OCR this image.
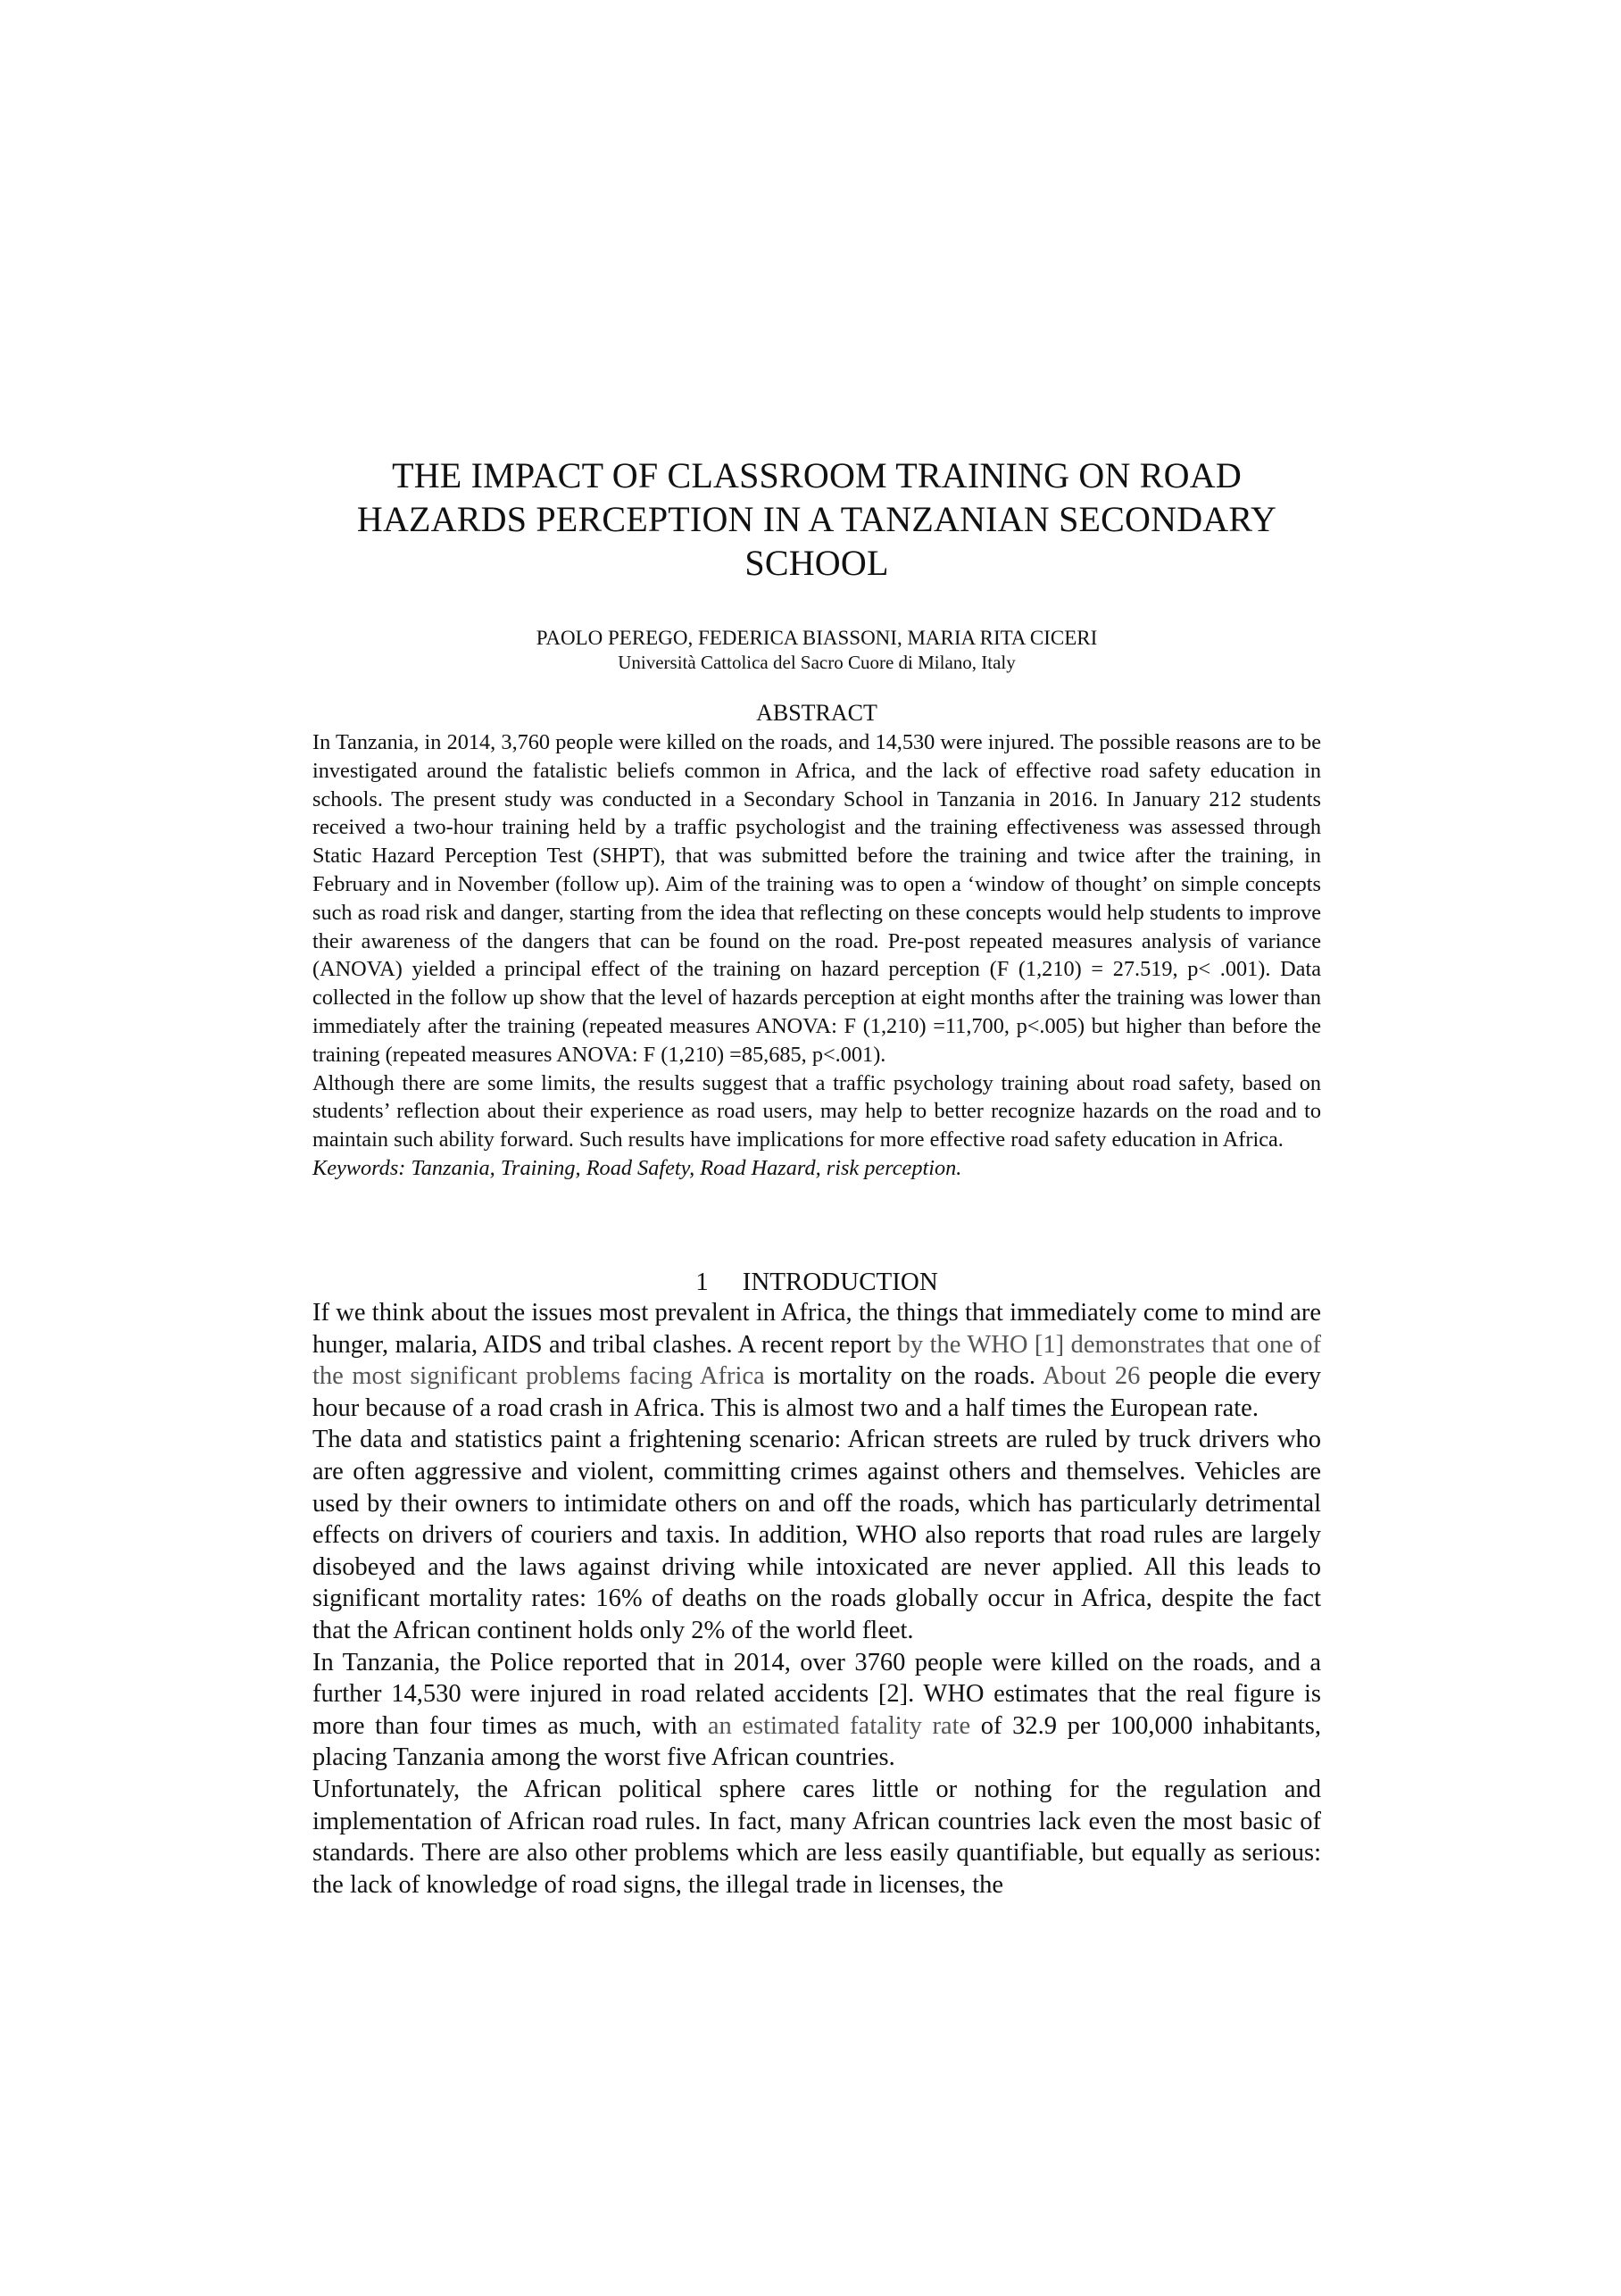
THE IMPACT OF CLASSROOM TRAINING ON ROAD
HAZARDS PERCEPTION IN A TANZANIAN SECONDARY
SCHOOL
PAOLO PEREGO, FEDERICA BIASSONI, MARIA RITA CICERI
Università Cattolica del Sacro Cuore di Milano, Italy
ABSTRACT

In Tanzania, in 2014, 3,760 people were killed on the roads, and 14,530 were injured. The possible reasons are to be investigated around the fatalistic beliefs common in Africa, and the lack of effective road safety education in schools. The present study was conducted in a Secondary School in Tanzania in 2016. In January 212 students received a two-hour training held by a traffic psychologist and the training effectiveness was assessed through Static Hazard Perception Test (SHPT), that was submitted before the training and twice after the training, in February and in November (follow up). Aim of the training was to open a ‘window of thought’ on simple concepts such as road risk and danger, starting from the idea that reflecting on these concepts would help students to improve their awareness of the dangers that can be found on the road. Pre-post repeated measures analysis of variance (ANOVA) yielded a principal effect of the training on hazard perception (F (1,210) = 27.519, p< .001). Data collected in the follow up show that the level of hazards perception at eight months after the training was lower than immediately after the training (repeated measures ANOVA: F (1,210) =11,700, p<.005) but higher than before the training (repeated measures ANOVA: F (1,210) =85,685, p<.001).

Although there are some limits, the results suggest that a traffic psychology training about road safety, based on students’ reflection about their experience as road users, may help to better recognize hazards on the road and to maintain such ability forward. Such results have implications for more effective road safety education in Africa.

Keywords: Tanzania, Training, Road Safety, Road Hazard, risk perception.

1 INTRODUCTION

If we think about the issues most prevalent in Africa, the things that immediately come to mind are hunger, malaria, AIDS and tribal clashes. A recent report by the WHO [1] demonstrates that one of the most significant problems facing Africa is mortality on the roads. About 26 people die every hour because of a road crash in Africa. This is almost two and a half times the European rate.

The data and statistics paint a frightening scenario: African streets are ruled by truck drivers who are often aggressive and violent, committing crimes against others and themselves. Vehicles are used by their owners to intimidate others on and off the roads, which has particularly detrimental effects on drivers of couriers and taxis. In addition, WHO also reports that road rules are largely disobeyed and the laws against driving while intoxicated are never applied. All this leads to significant mortality rates: 16% of deaths on the roads globally occur in Africa, despite the fact that the African continent holds only 2% of the world fleet.

In Tanzania, the Police reported that in 2014, over 3760 people were killed on the roads, and a further 14,530 were injured in road related accidents [2]. WHO estimates that the real figure is more than four times as much, with an estimated fatality rate of 32.9 per 100,000 inhabitants, placing Tanzania among the worst five African countries.

Unfortunately, the African political sphere cares little or nothing for the regulation and implementation of African road rules. In fact, many African countries lack even the most basic of standards. There are also other problems which are less easily quantifiable, but equally as serious: the lack of knowledge of road signs, the illegal trade in licenses, the
